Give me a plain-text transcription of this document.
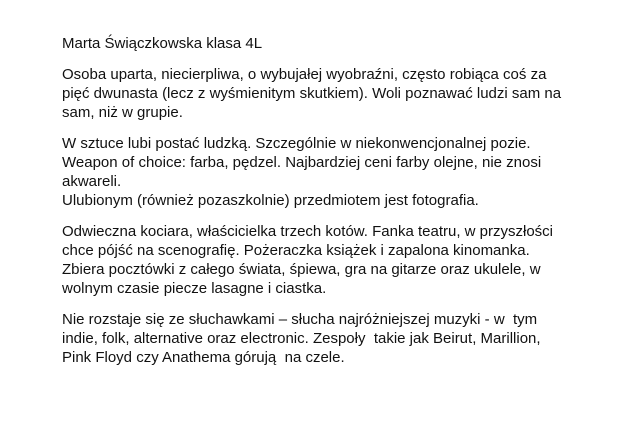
Marta Świączkowska klasa 4L
Osoba uparta, niecierpliwa, o wybujałej wyobraźni, często robiąca coś za
pięć dwunasta (lecz z wyśmienitym skutkiem). Woli poznawać ludzi sam na
sam, niż w grupie.
W sztuce lubi postać ludzką. Szczególnie w niekonwencjonalnej pozie.
Weapon of choice: farba, pędzel. Najbardziej ceni farby olejne, nie znosi
akwareli.
Ulubionym (również pozaszkolnie) przedmiotem jest fotografia.
Odwieczna kociara, właścicielka trzech kotów. Fanka teatru, w przyszłości
chce pójść na scenografię. Pożeraczka książek i zapalona kinomanka.
Zbiera pocztówki z całego świata, śpiewa, gra na gitarze oraz ukulele, w
wolnym czasie piecze lasagne i ciastka.
Nie rozstaje się ze słuchawkami – słucha najróżniejszej muzyki - w  tym
indie, folk, alternative oraz electronic. Zespoły  takie jak Beirut, Marillion,
Pink Floyd czy Anathema górują  na czele.
